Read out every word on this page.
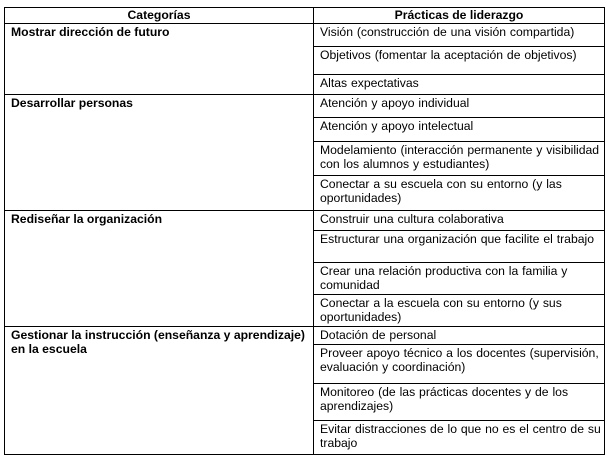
Categorías	Prácticas de liderazgo
Mostrar dirección de futuro	Visión (construcción de una visión compartida)
	Objetivos (fomentar la aceptación de objetivos)
	Altas expectativas
Desarrollar personas	Atención y apoyo individual
	Atención y apoyo intelectual
	Modelamiento (interacción permanente y visibilidad con los alumnos y estudiantes)
	Conectar a su escuela con su entorno (y las oportunidades)
Rediseñar la organización	Construir una cultura colaborativa
	Estructurar una organización que facilite el trabajo
	Crear una relación productiva con la familia y comunidad
	Conectar a la escuela con su entorno (y sus oportunidades)
Gestionar la instrucción (enseñanza y aprendizaje) en la escuela	Dotación de personal
	Proveer apoyo técnico a los docentes (supervisión, evaluación y coordinación)
	Monitoreo (de las prácticas docentes y de los aprendizajes)
	Evitar distracciones de lo que no es el centro de su trabajo
